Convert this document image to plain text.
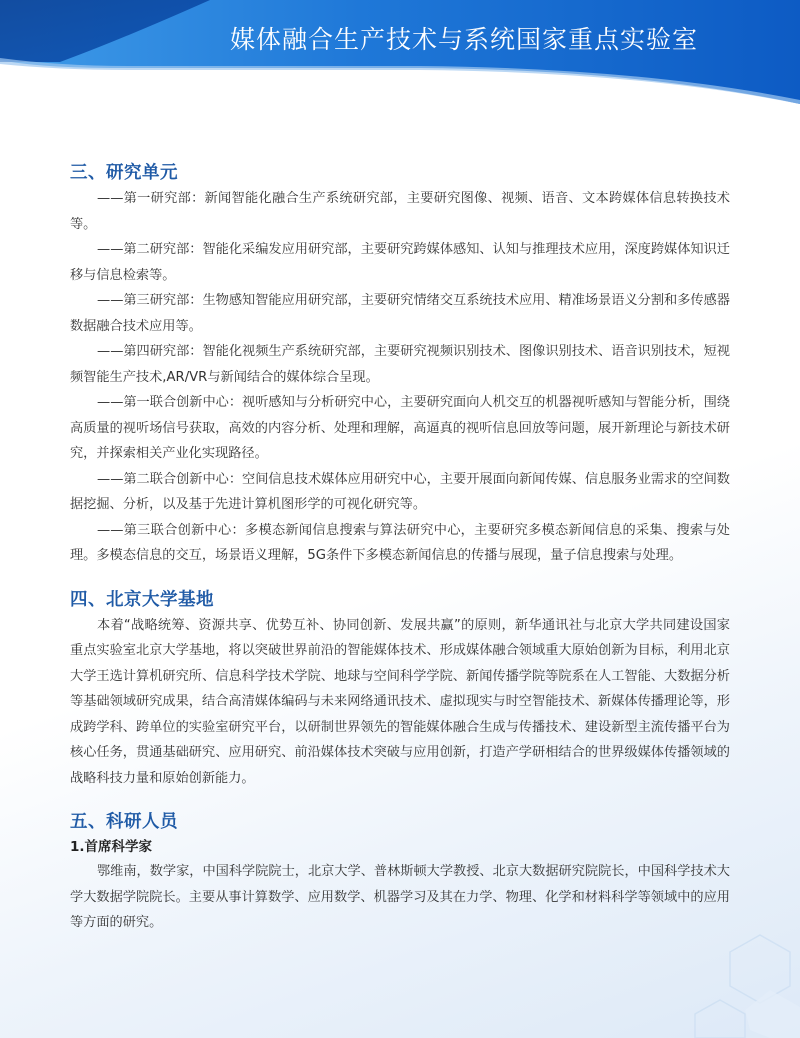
媒体融合生产技术与系统国家重点实验室
三、研究单元

——第一研究部：新闻智能化融合生产系统研究部，主要研究图像、视频、语音、文本跨媒体信息转换技术等。

——第二研究部：智能化采编发应用研究部，主要研究跨媒体感知、认知与推理技术应用，深度跨媒体知识迁移与信息检索等。

——第三研究部：生物感知智能应用研究部，主要研究情绪交互系统技术应用、精准场景语义分割和多传感器数据融合技术应用等。

——第四研究部：智能化视频生产系统研究部，主要研究视频识别技术、图像识别技术、语音识别技术，短视频智能生产技术,AR/VR与新闻结合的媒体综合呈现。

——第一联合创新中心：视听感知与分析研究中心，主要研究面向人机交互的机器视听感知与智能分析，围绕高质量的视听场信号获取，高效的内容分析、处理和理解，高逼真的视听信息回放等问题，展开新理论与新技术研究，并探索相关产业化实现路径。

——第二联合创新中心：空间信息技术媒体应用研究中心，主要开展面向新闻传媒、信息服务业需求的空间数据挖掘、分析，以及基于先进计算机图形学的可视化研究等。

——第三联合创新中心：多模态新闻信息搜索与算法研究中心，主要研究多模态新闻信息的采集、搜索与处理。多模态信息的交互，场景语义理解，5G条件下多模态新闻信息的传播与展现，量子信息搜索与处理。

四、北京大学基地

本着“战略统筹、资源共享、优势互补、协同创新、发展共赢”的原则，新华通讯社与北京大学共同建设国家重点实验室北京大学基地，将以突破世界前沿的智能媒体技术、形成媒体融合领域重大原始创新为目标，利用北京大学王选计算机研究所、信息科学技术学院、地球与空间科学学院、新闻传播学院等院系在人工智能、大数据分析等基础领域研究成果，结合高清媒体编码与未来网络通讯技术、虚拟现实与时空智能技术、新媒体传播理论等，形成跨学科、跨单位的实验室研究平台，以研制世界领先的智能媒体融合生成与传播技术、建设新型主流传播平台为核心任务，贯通基础研究、应用研究、前沿媒体技术突破与应用创新，打造产学研相结合的世界级媒体传播领域的战略科技力量和原始创新能力。

五、科研人员
1.首席科学家

鄂维南，数学家，中国科学院院士，北京大学、普林斯顿大学教授、北京大数据研究院院长，中国科学技术大学大数据学院院长。主要从事计算数学、应用数学、机器学习及其在力学、物理、化学和材料科学等领域中的应用等方面的研究。
